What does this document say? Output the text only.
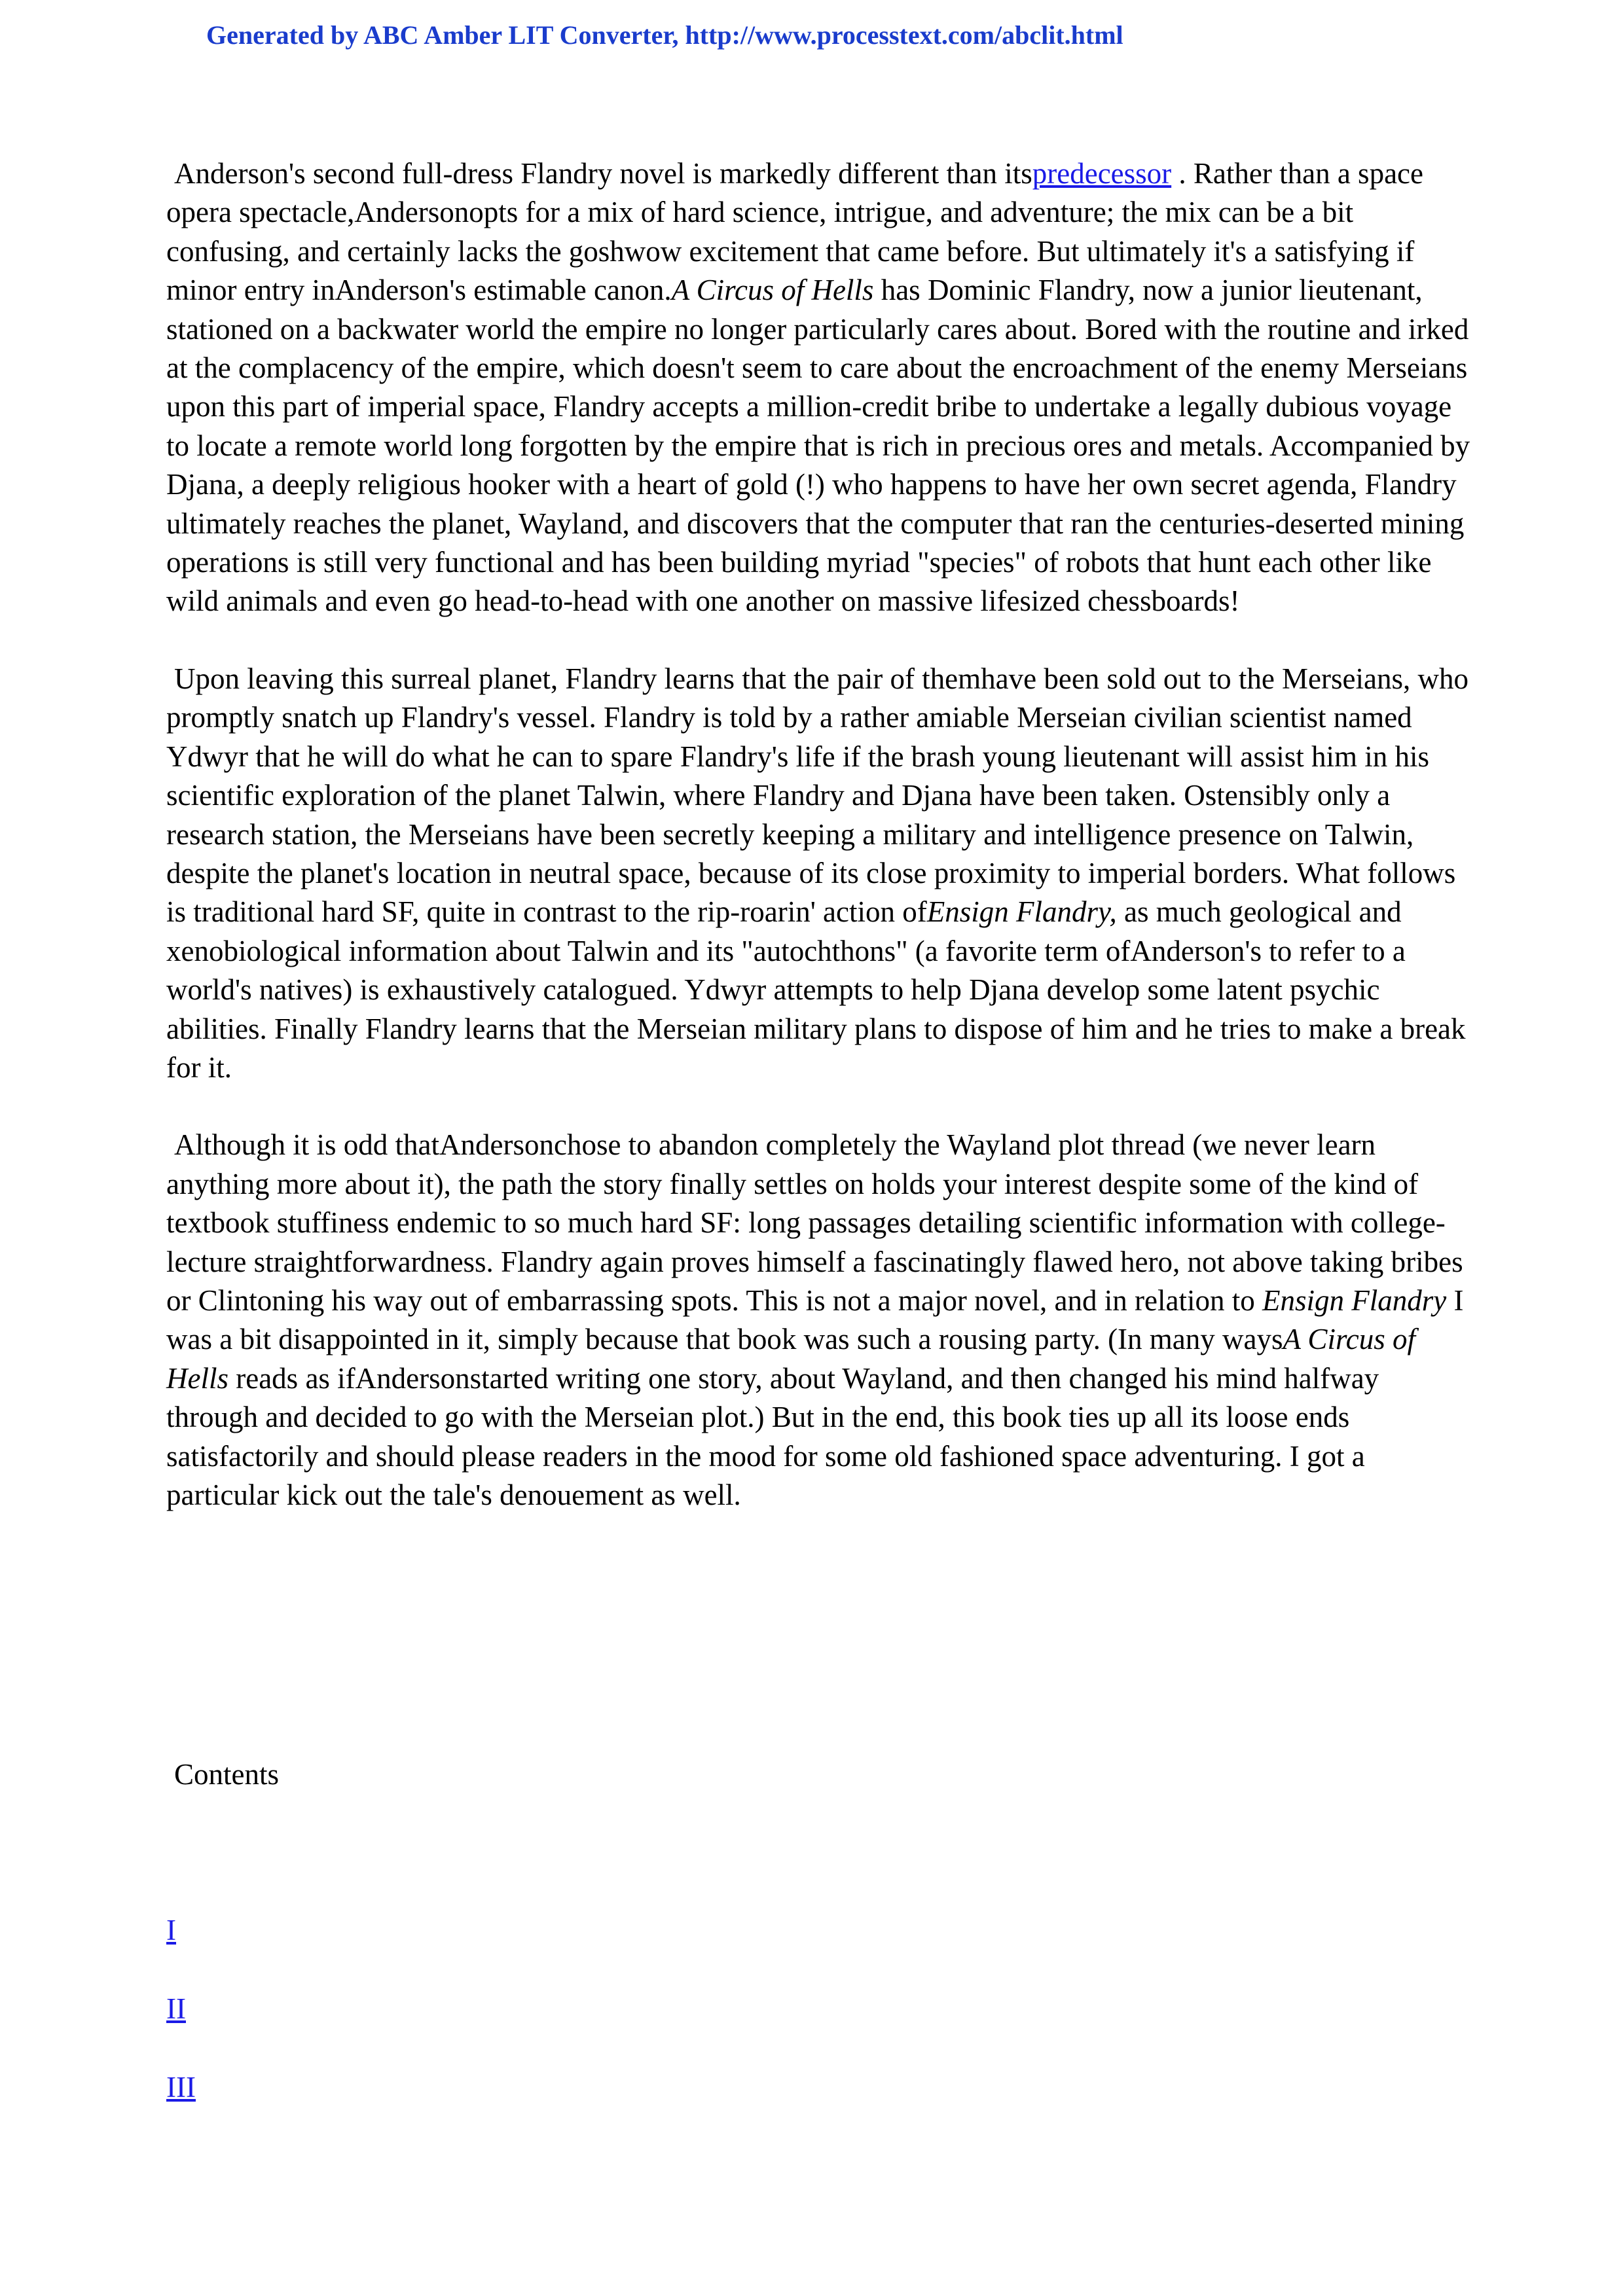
Generated by ABC Amber LIT Converter, http://www.processtext.com/abclit.html

Anderson's second full-dress Flandry novel is markedly different than itspredecessor . Rather than a space opera spectacle,Andersonopts for a mix of hard science, intrigue, and adventure; the mix can be a bit confusing, and certainly lacks the goshwow excitement that came before. But ultimately it's a satisfying if minor entry inAnderson's estimable canon.A Circus of Hells has Dominic Flandry, now a junior lieutenant, stationed on a backwater world the empire no longer particularly cares about. Bored with the routine and irked at the complacency of the empire, which doesn't seem to care about the encroachment of the enemy Merseians upon this part of imperial space, Flandry accepts a million-credit bribe to undertake a legally dubious voyage to locate a remote world long forgotten by the empire that is rich in precious ores and metals. Accompanied by Djana, a deeply religious hooker with a heart of gold (!) who happens to have her own secret agenda, Flandry ultimately reaches the planet, Wayland, and discovers that the computer that ran the centuries-deserted mining operations is still very functional and has been building myriad "species" of robots that hunt each other like wild animals and even go head-to-head with one another on massive lifesized chessboards!

Upon leaving this surreal planet, Flandry learns that the pair of themhave been sold out to the Merseians, who promptly snatch up Flandry's vessel. Flandry is told by a rather amiable Merseian civilian scientist named Ydwyr that he will do what he can to spare Flandry's life if the brash young lieutenant will assist him in his scientific exploration of the planet Talwin, where Flandry and Djana have been taken. Ostensibly only a research station, the Merseians have been secretly keeping a military and intelligence presence on Talwin, despite the planet's location in neutral space, because of its close proximity to imperial borders. What follows is traditional hard SF, quite in contrast to the rip-roarin' action ofEnsign Flandry, as much geological and xenobiological information about Talwin and its "autochthons" (a favorite term ofAnderson's to refer to a world's natives) is exhaustively catalogued. Ydwyr attempts to help Djana develop some latent psychic abilities. Finally Flandry learns that the Merseian military plans to dispose of him and he tries to make a break for it.

Although it is odd thatAndersonchose to abandon completely the Wayland plot thread (we never learn anything more about it), the path the story finally settles on holds your interest despite some of the kind of textbook stuffiness endemic to so much hard SF: long passages detailing scientific information with college-lecture straightforwardness. Flandry again proves himself a fascinatingly flawed hero, not above taking bribes or Clintoning his way out of embarrassing spots. This is not a major novel, and in relation to Ensign Flandry I was a bit disappointed in it, simply because that book was such a rousing party. (In many waysA Circus of Hells reads as ifAndersonstarted writing one story, about Wayland, and then changed his mind halfway through and decided to go with the Merseian plot.) But in the end, this book ties up all its loose ends satisfactorily and should please readers in the mood for some old fashioned space adventuring. I got a particular kick out the tale's denouement as well.

Contents
I
II
III
